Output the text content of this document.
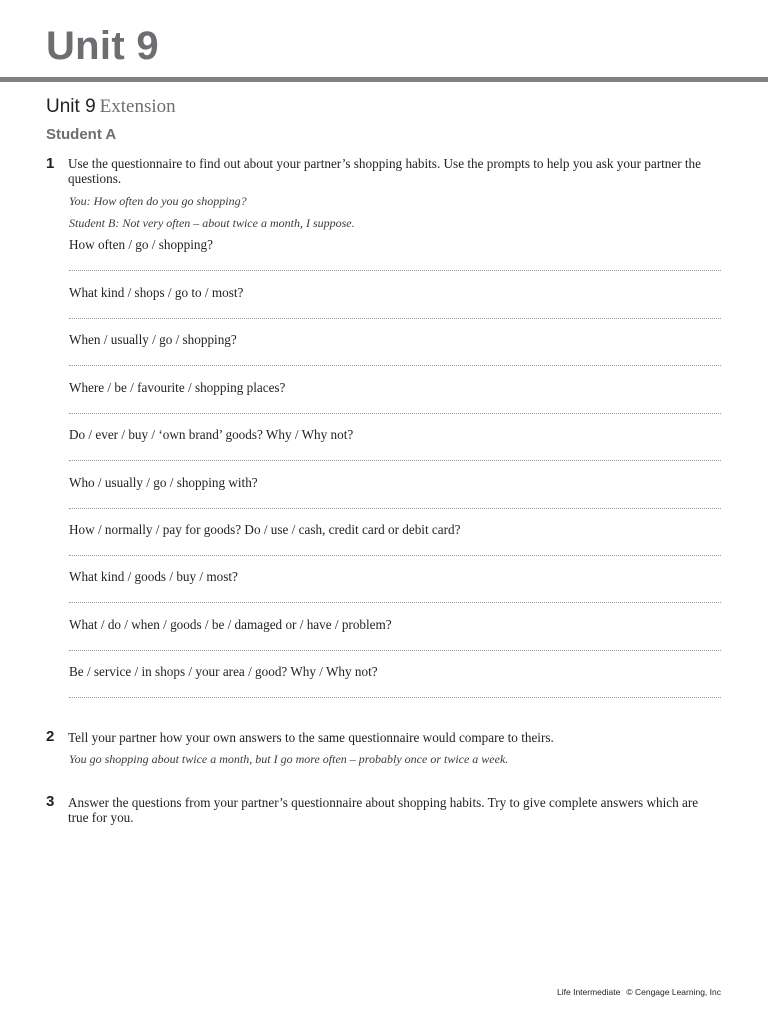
Unit 9
Unit 9 Extension
Student A
1 Use the questionnaire to find out about your partner’s shopping habits. Use the prompts to help you ask your partner the questions.
You: How often do you go shopping?
Student B: Not very often – about twice a month, I suppose.
How often / go / shopping?
What kind / shops / go to / most?
When / usually / go / shopping?
Where / be / favourite / shopping places?
Do / ever / buy / ‘own brand’ goods? Why / Why not?
Who / usually / go / shopping with?
How / normally / pay for goods? Do / use / cash, credit card or debit card?
What kind / goods / buy / most?
What / do / when / goods / be / damaged or / have / problem?
Be / service / in shops / your area / good? Why / Why not?
2 Tell your partner how your own answers to the same questionnaire would compare to theirs.
You go shopping about twice a month, but I go more often – probably once or twice a week.
3 Answer the questions from your partner’s questionnaire about shopping habits. Try to give complete answers which are true for you.
Life Intermediate © Cengage Learning, Inc
